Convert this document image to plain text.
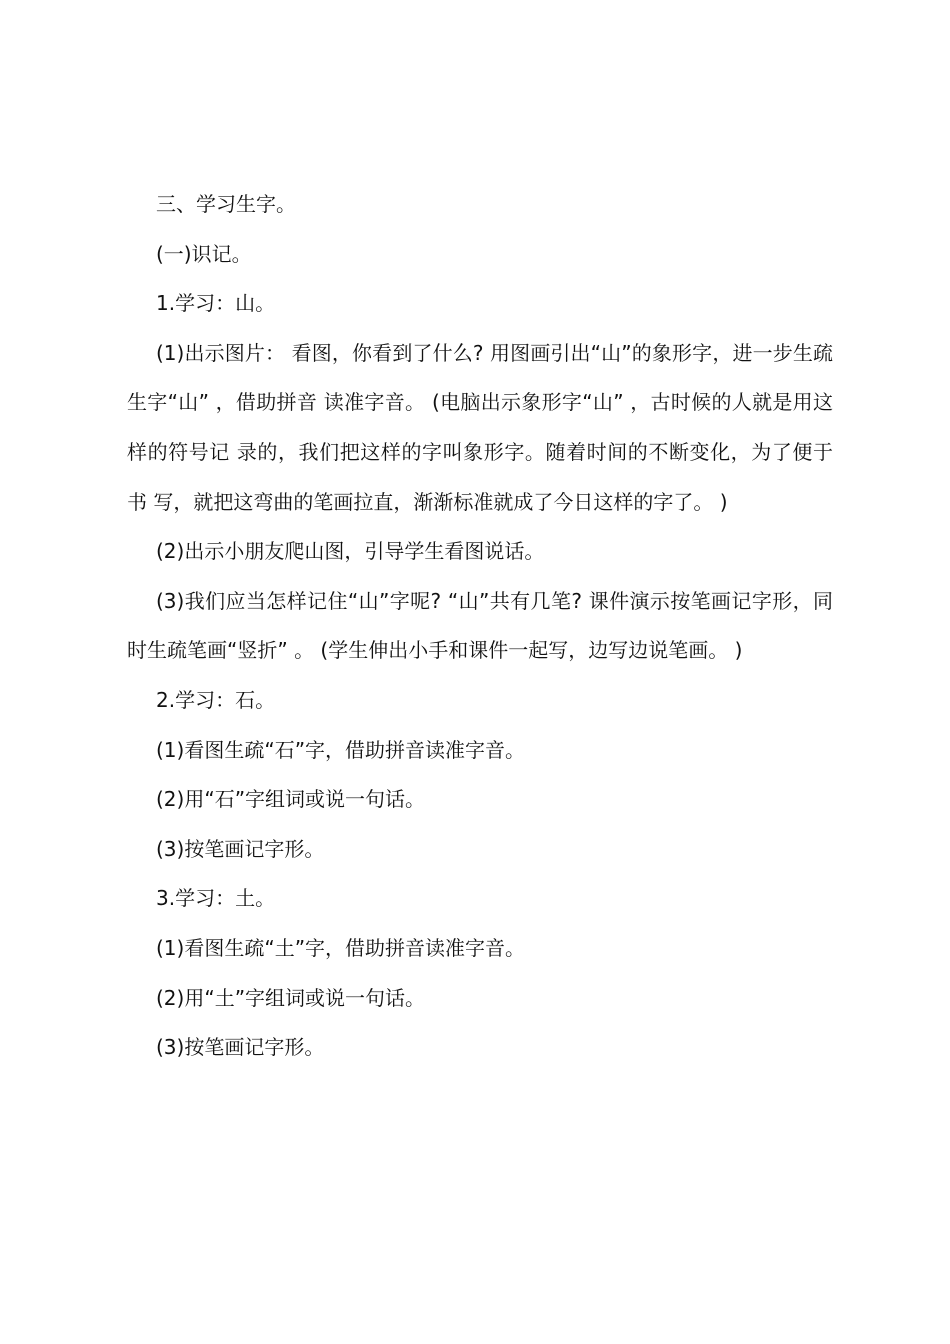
三、学习生字。

(一)识记。

1.学习：山。

(1)出示图片： 看图，你看到了什么? 用图画引出“山”的象形字，进一步生疏生字“山” ，借助拼音 读准字音。 (电脑出示象形字“山” ，古时候的人就是用这样的符号记 录的，我们把这样的字叫象形字。随着时间的不断变化，为了便于书 写，就把这弯曲的笔画拉直，渐渐标准就成了今日这样的字了。 )

(2)出示小朋友爬山图，引导学生看图说话。

(3)我们应当怎样记住“山”字呢? “山”共有几笔? 课件演示按笔画记字形，同时生疏笔画“竖折” 。 (学生伸出小手和课件一起写，边写边说笔画。 )

2.学习：石。

(1)看图生疏“石”字，借助拼音读准字音。

(2)用“石”字组词或说一句话。

(3)按笔画记字形。

3.学习：土。

(1)看图生疏“土”字，借助拼音读准字音。

(2)用“土”字组词或说一句话。

(3)按笔画记字形。
